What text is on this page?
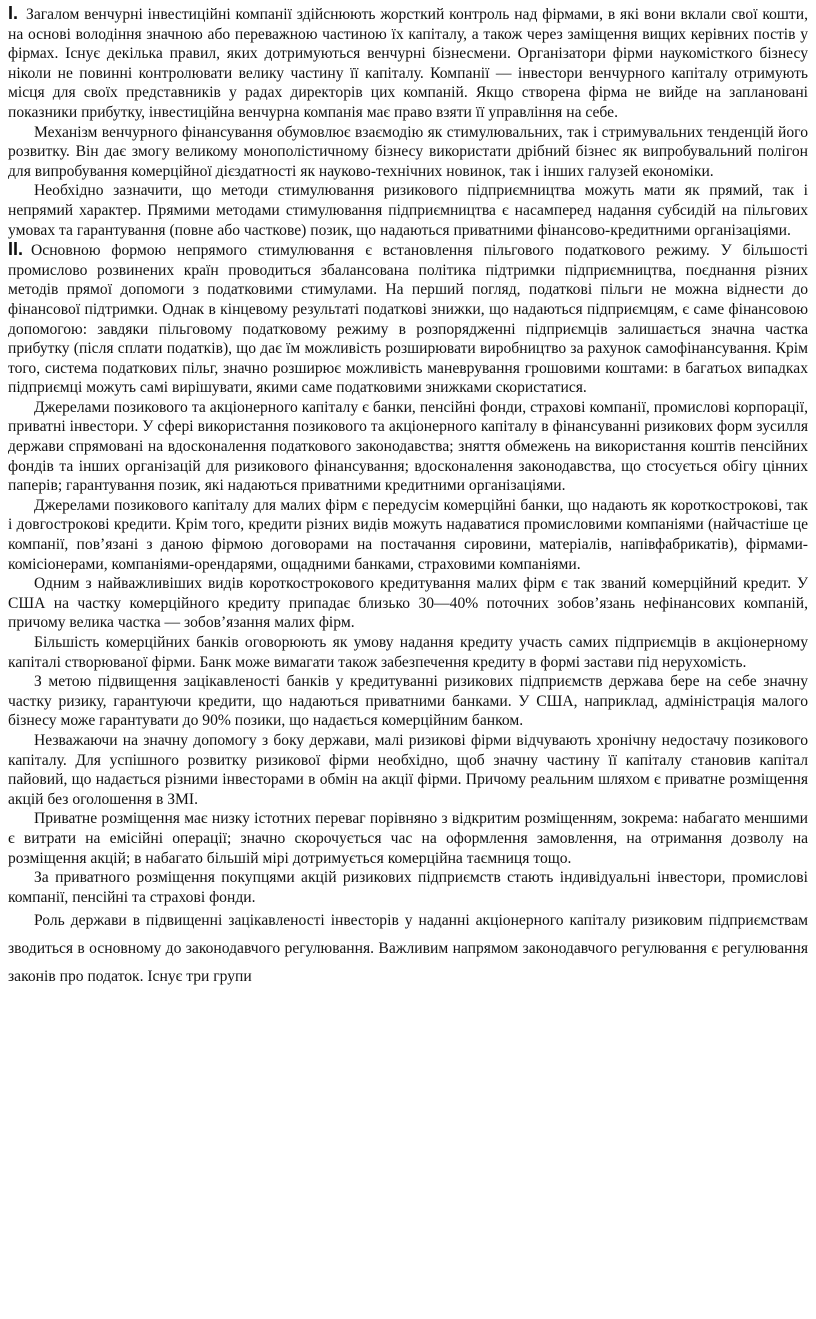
I. Загалом венчурні інвестиційні компанії здійснюють жорсткий контроль над фірмами, в які вони вклали свої кошти, на основі володіння значною або переважною частиною їх капіталу, а також через заміщення вищих керівних постів у фірмах. Існує декілька правил, яких дотримуються венчурні бізнесмени. Організатори фірми наукомісткого бізнесу ніколи не повинні контролювати велику частину її капіталу. Компанії — інвестори венчурного капіталу отримують місця для своїх представників у радах директорів цих компаній. Якщо створена фірма не вийде на заплановані показники прибутку, інвестиційна венчурна компанія має право взяти її управління на себе.

Механізм венчурного фінансування обумовлює взаємодію як стимулювальних, так і стримувальних тенденцій його розвитку. Він дає змогу великому монополістичному бізнесу використати дрібний бізнес як випробувальний полігон для випробування комерційної дієздатності як науково-технічних новинок, так і інших галузей економіки.

Необхідно зазначити, що методи стимулювання ризикового підприємництва можуть мати як прямий, так і непрямий характер. Прямими методами стимулювання підприємництва є насамперед надання субсидій на пільгових умовах та гарантування (повне або часткове) позик, що надаються приватними фінансово-кредитними організаціями.

II. Основною формою непрямого стимулювання є встановлення пільгового податкового режиму. У більшості промислово розвинених країн проводиться збалансована політика підтримки підприємництва, поєднання різних методів прямої допомоги з податковими стимулами. На перший погляд, податкові пільги не можна віднести до фінансової підтримки. Однак в кінцевому результаті податкові знижки, що надаються підприємцям, є саме фінансовою допомогою: завдяки пільговому податковому режиму в розпорядженні підприємців залишається значна частка прибутку (після сплати податків), що дає їм можливість розширювати виробництво за рахунок самофінансування. Крім того, система податкових пільг, значно розширює можливість маневрування грошовими коштами: в багатьох випадках підприємці можуть самі вирішувати, якими саме податковими знижками скористатися.

Джерелами позикового та акціонерного капіталу є банки, пенсійні фонди, страхові компанії, промислові корпорації, приватні інвестори. У сфері використання позикового та акціонерного капіталу в фінансуванні ризикових форм зусилля держави спрямовані на вдосконалення податкового законодавства; зняття обмежень на використання коштів пенсійних фондів та інших організацій для ризикового фінансування; вдосконалення законодавства, що стосується обігу цінних паперів; гарантування позик, які надаються приватними кредитними організаціями.

Джерелами позикового капіталу для малих фірм є передусім комерційні банки, що надають як короткострокові, так і довгострокові кредити. Крім того, кредити різних видів можуть надаватися промисловими компаніями (найчастіше це компанії, пов’язані з даною фірмою договорами на постачання сировини, матеріалів, напівфабрикатів), фірмами-комісіонерами, компаніями-орендарями, ощадними банками, страховими компаніями.

Одним з найважливіших видів короткострокового кредитування малих фірм є так званий комерційний кредит. У США на частку комерційного кредиту припадає близько 30—40% поточних зобов’язань нефінансових компаній, причому велика частка — зобов’язання малих фірм.

Більшість комерційних банків оговорюють як умову надання кредиту участь самих підприємців в акціонерному капіталі створюваної фірми. Банк може вимагати також забезпечення кредиту в формі застави під нерухомість.

З метою підвищення зацікавленості банків у кредитуванні ризикових підприємств держава бере на себе значну частку ризику, гарантуючи кредити, що надаються приватними банками. У США, наприклад, адміністрація малого бізнесу може гарантувати до 90% позики, що надається комерційним банком.

Незважаючи на значну допомогу з боку держави, малі ризикові фірми відчувають хронічну недостачу позикового капіталу. Для успішного розвитку ризикової фірми необхідно, щоб значну частину її капіталу становив капітал пайовий, що надається різними інвесторами в обмін на акції фірми. Причому реальним шляхом є приватне розміщення акцій без оголошення в ЗМІ.

Приватне розміщення має низку істотних переваг порівняно з відкритим розміщенням, зокрема: набагато меншими є витрати на емісійні операції; значно скорочується час на оформлення замовлення, на отримання дозволу на розміщення акцій; в набагато більшій мірі дотримується комерційна таємниця тощо.

За приватного розміщення покупцями акцій ризикових підприємств стають індивідуальні інвестори, промислові компанії, пенсійні та страхові фонди.

Роль держави в підвищенні зацікавленості інвесторів у наданні акціонерного капіталу ризиковим підприємствам зводиться в основному до законодавчого регулювання. Важливим напрямом законодавчого регулювання є регулювання законів про податок. Існує три групи
